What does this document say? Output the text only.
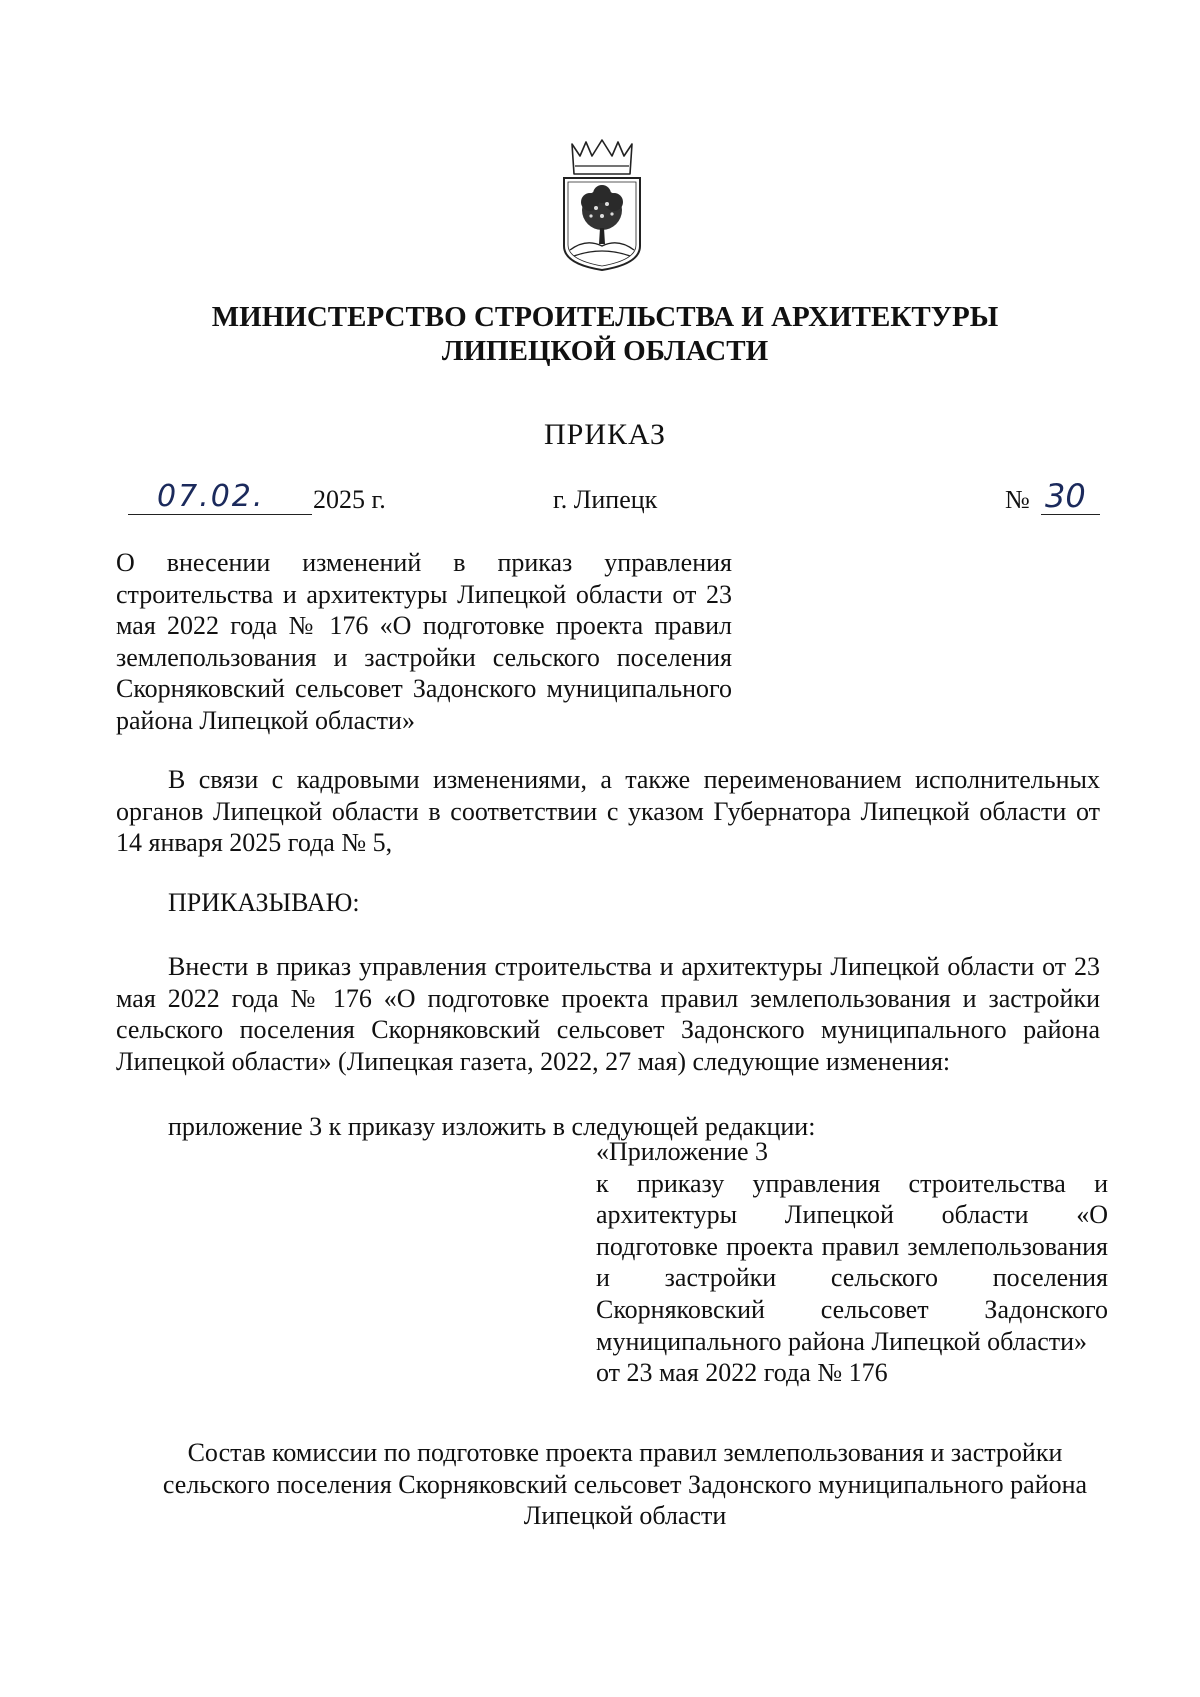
МИНИСТЕРСТВО СТРОИТЕЛЬСТВА И АРХИТЕКТУРЫ
ЛИПЕЦКОЙ ОБЛАСТИ
ПРИКАЗ
07.02. 2025 г.	г. Липецк	№ 30
О внесении изменений в приказ управления строительства и архитектуры Липецкой области от 23 мая 2022 года № 176 «О подготовке проекта правил землепользования и застройки сельского поселения Скорняковский сельсовет Задонского муниципального района Липецкой области»
В связи с кадровыми изменениями, а также переименованием исполнительных органов Липецкой области в соответствии с указом Губернатора Липецкой области от 14 января 2025 года № 5,
ПРИКАЗЫВАЮ:
Внести в приказ управления строительства и архитектуры Липецкой области от 23 мая 2022 года № 176 «О подготовке проекта правил землепользования и застройки сельского поселения Скорняковский сельсовет Задонского муниципального района Липецкой области» (Липецкая газета, 2022, 27 мая) следующие изменения:
приложение 3 к приказу изложить в следующей редакции:
«Приложение 3
к приказу управления строительства и архитектуры Липецкой области «О подготовке проекта правил землепользования и застройки сельского поселения Скорняковский сельсовет Задонского муниципального района Липецкой области»
от 23 мая 2022 года № 176
Состав комиссии по подготовке проекта правил землепользования и застройки сельского поселения Скорняковский сельсовет Задонского муниципального района Липецкой области
